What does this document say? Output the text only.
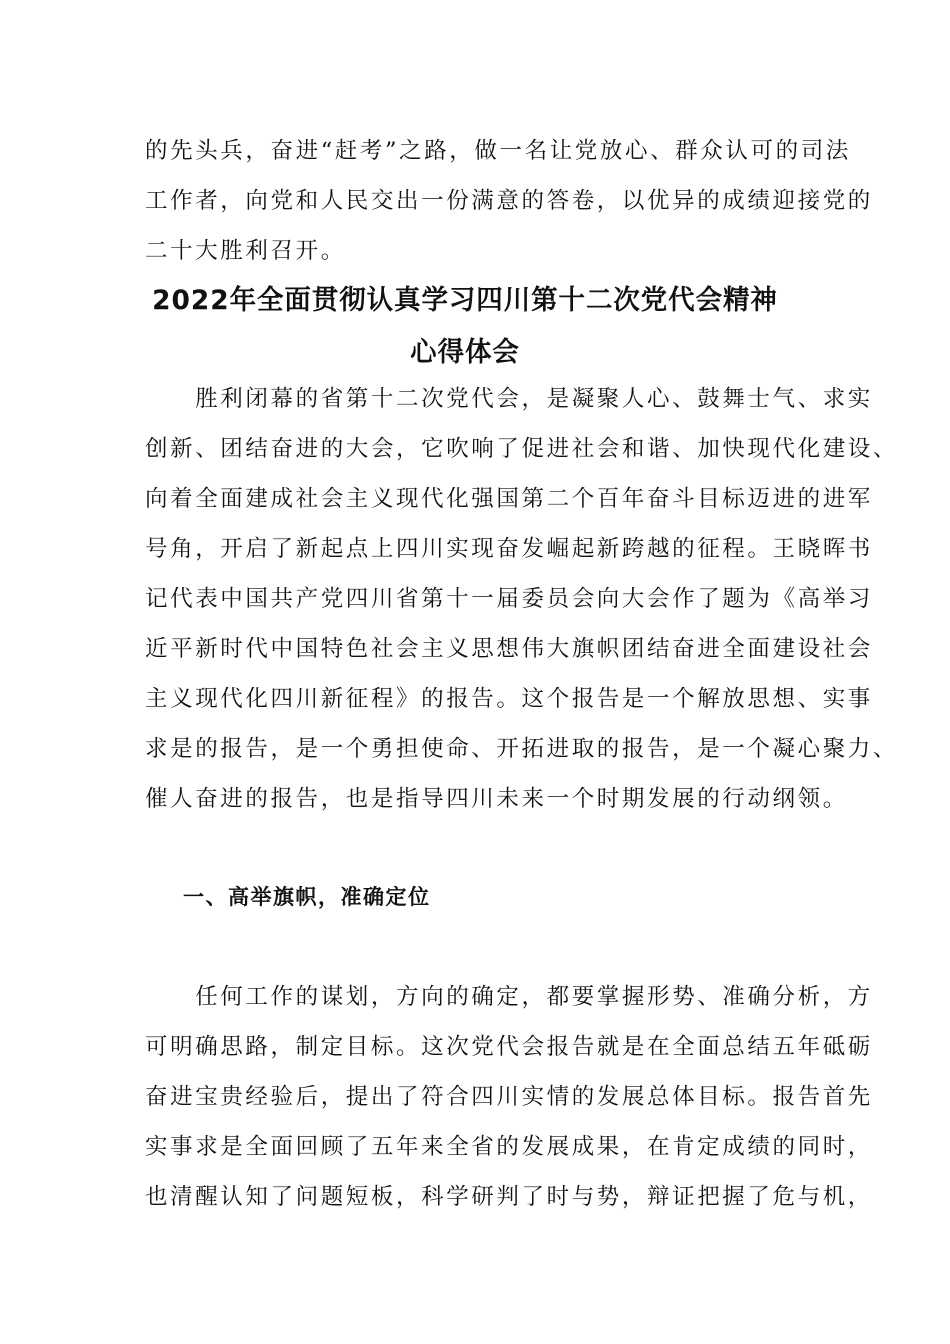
的先头兵，奋进“赶考”之路，做一名让党放心、群众认可的司法
工作者，向党和人民交出一份满意的答卷，以优异的成绩迎接党的
二十大胜利召开。
2022年全面贯彻认真学习四川第十二次党代会精神
心得体会
　　胜利闭幕的省第十二次党代会，是凝聚人心、鼓舞士气、求实
创新、团结奋进的大会，它吹响了促进社会和谐、加快现代化建设、
向着全面建成社会主义现代化强国第二个百年奋斗目标迈进的进军
号角，开启了新起点上四川实现奋发崛起新跨越的征程。王晓晖书
记代表中国共产党四川省第十一届委员会向大会作了题为《高举习
近平新时代中国特色社会主义思想伟大旗帜团结奋进全面建设社会
主义现代化四川新征程》的报告。这个报告是一个解放思想、实事
求是的报告，是一个勇担使命、开拓进取的报告，是一个凝心聚力、
催人奋进的报告，也是指导四川未来一个时期发展的行动纲领。
一、高举旗帜，准确定位
　　任何工作的谋划，方向的确定，都要掌握形势、准确分析，方
可明确思路，制定目标。这次党代会报告就是在全面总结五年砥砺
奋进宝贵经验后，提出了符合四川实情的发展总体目标。报告首先
实事求是全面回顾了五年来全省的发展成果，在肯定成绩的同时，
也清醒认知了问题短板，科学研判了时与势，辩证把握了危与机，
